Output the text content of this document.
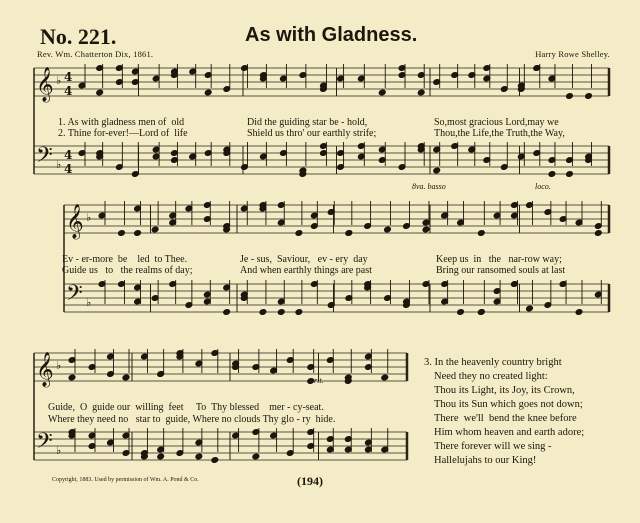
No. 221.	As with Gladness.
Rev. Wm. Chatterton Dix, 1861.	Harry Rowe Shelley.
𝄞
𝄢
♭
♭
4
4
4
4
𝄞
𝄢
♭
♭
𝄞
𝄢
♭
♭
1. As with gladness men of  old	Did the guiding star be - hold,	So,most gracious Lord,may we
2. Thine for-ever!—Lord of  life	Shield us thro' our earthly strife;	Thou,the Life,the Truth,the Way,
8va. basso	loco.
Ev - er-more  be    led  to Thee.	Je - sus,  Saviour,   ev - ery  day	Keep us  in   the   nar-row way;
Guide us   to   the realms of day;	And when earthly things are past	Bring our ransomed souls at last
Guide,  O  guide our  willing  feet     To  Thy blessed    mer - cy-seat.
Where they need no   star to  guide, Where no clouds Thy glo - ry  hide.
rit.
3. In the heavenly country bright
Need they no created light:
Thou its Light, its Joy, its Crown,
Thou its Sun which goes not down;
There  we'll  bend the knee before
Him whom heaven and earth adore;
There forever will we sing -
Hallelujahs to our King!
Copyright, 1883. Used by permission of Wm. A. Pond & Co.	(194)
